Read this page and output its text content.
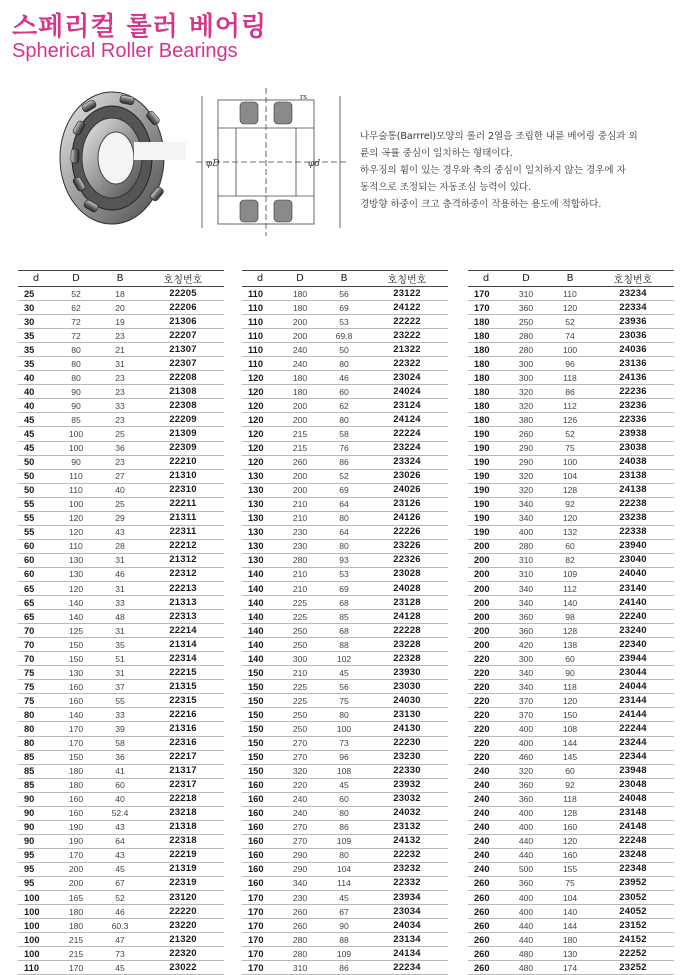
스페리컬 롤러 베어링
Spherical Roller Bearings
rs
φD	φd

나무술통(Barrrel)모양의 롤러 2열을 조립한 내륜 베어링 중심과 외

륜의 곡률 중심이 일치하는 형태이다.

하우징의 휨이 있는 경우와 축의 중심이 일치하지 않는 경우에 자

동적으로 조정되는 자동조심 능력이 있다.

경방향 하중이 크고 충격하중이 작용하는 용도에 적합하다.

d	D	B	호칭번호
25	52	18	22205
30	62	20	22206
30	72	19	21306
35	72	23	22207
35	80	21	21307
35	80	31	22307
40	80	23	22208
40	90	23	21308
40	90	33	22308
45	85	23	22209
45	100	25	21309
45	100	36	22309
50	90	23	22210
50	110	27	21310
50	110	40	22310
55	100	25	22211
55	120	29	21311
55	120	43	22311
60	110	28	22212
60	130	31	21312
60	130	46	22312
65	120	31	22213
65	140	33	21313
65	140	48	22313
70	125	31	22214
70	150	35	21314
70	150	51	22314
75	130	31	22215
75	160	37	21315
75	160	55	22315
80	140	33	22216
80	170	39	21316
80	170	58	22316
85	150	36	22217
85	180	41	21317
85	180	60	22317
90	160	40	22218
90	160	52.4	23218
90	190	43	21318
90	190	64	22318
95	170	43	22219
95	200	45	21319
95	200	67	22319
100	165	52	23120
100	180	46	22220
100	180	60.3	23220
100	215	47	21320
100	215	73	22320
110	170	45	23022
d	D	B	호칭번호
110	180	56	23122
110	180	69	24122
110	200	53	22222
110	200	69.8	23222
110	240	50	21322
110	240	80	22322
120	180	46	23024
120	180	60	24024
120	200	62	23124
120	200	80	24124
120	215	58	22224
120	215	76	23224
120	260	86	23324
130	200	52	23026
130	200	69	24026
130	210	64	23126
130	210	80	24126
130	230	64	22226
130	230	80	23226
130	280	93	22326
140	210	53	23028
140	210	69	24028
140	225	68	23128
140	225	85	24128
140	250	68	22228
140	250	88	23228
140	300	102	22328
150	210	45	23930
150	225	56	23030
150	225	75	24030
150	250	80	23130
150	250	100	24130
150	270	73	22230
150	270	96	23230
150	320	108	22330
160	220	45	23932
160	240	60	23032
160	240	80	24032
160	270	86	23132
160	270	109	24132
160	290	80	22232
160	290	104	23232
160	340	114	22332
170	230	45	23934
170	260	67	23034
170	260	90	24034
170	280	88	23134
170	280	109	24134
170	310	86	22234
d	D	B	호칭번호
170	310	110	23234
170	360	120	22334
180	250	52	23936
180	280	74	23036
180	280	100	24036
180	300	96	23136
180	300	118	24136
180	320	86	22236
180	320	112	23236
180	380	126	22336
190	260	52	23938
190	290	75	23038
190	290	100	24038
190	320	104	23138
190	320	128	24138
190	340	92	22238
190	340	120	23238
190	400	132	22338
200	280	60	23940
200	310	82	23040
200	310	109	24040
200	340	112	23140
200	340	140	24140
200	360	98	22240
200	360	128	23240
200	420	138	22340
220	300	60	23944
220	340	90	23044
220	340	118	24044
220	370	120	23144
220	370	150	24144
220	400	108	22244
220	400	144	23244
220	460	145	22344
240	320	60	23948
240	360	92	23048
240	360	118	24048
240	400	128	23148
240	400	160	24148
240	440	120	22248
240	440	160	23248
240	500	155	22348
260	360	75	23952
260	400	104	23052
260	400	140	24052
260	440	144	23152
260	440	180	24152
260	480	130	22252
260	480	174	23252
